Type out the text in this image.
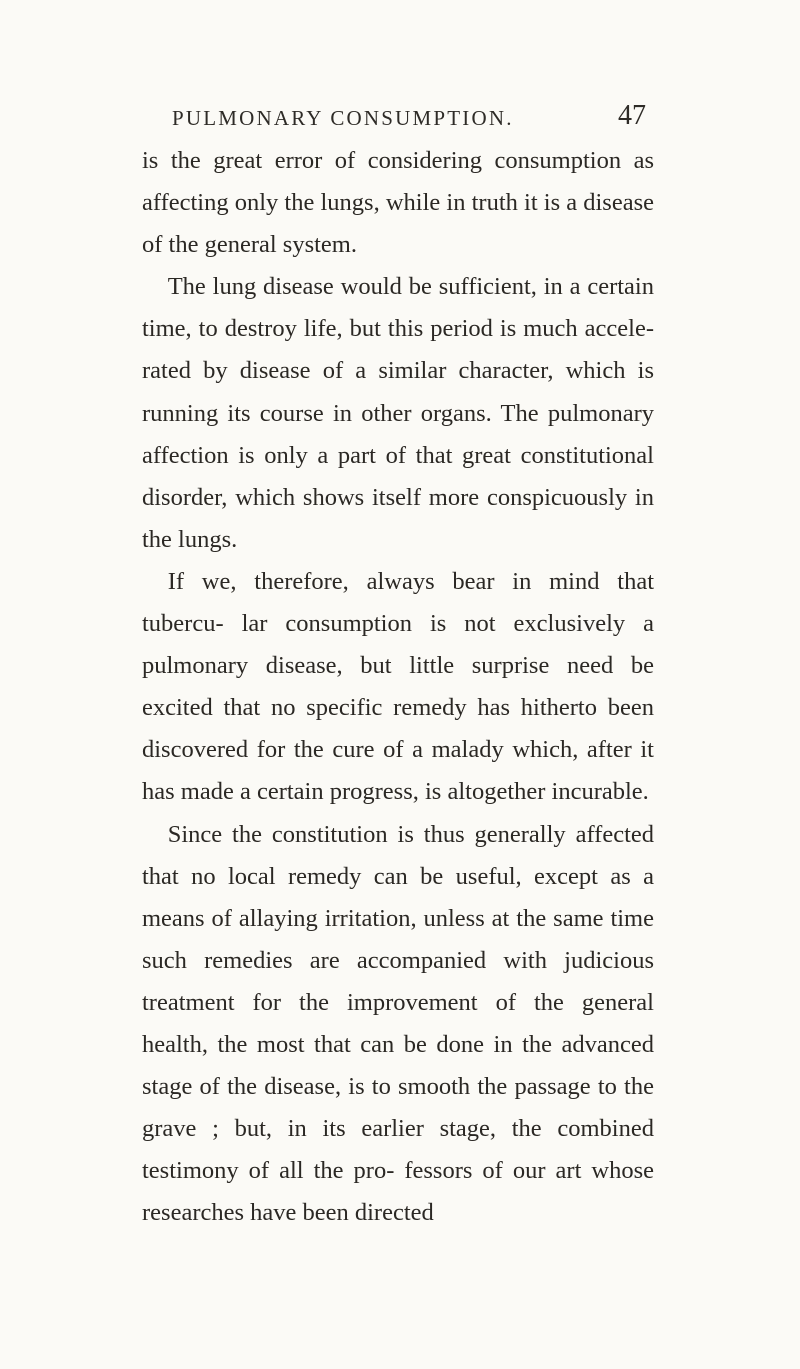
PULMONARY CONSUMPTION.	47

is the great error of considering consumption as affecting only the lungs, while in truth it is a disease of the general system.

The lung disease would be sufficient, in a certain time, to destroy life, but this period is much accele- rated by disease of a similar character, which is running its course in other organs. The pulmonary affection is only a part of that great constitutional disorder, which shows itself more conspicuously in the lungs.

If we, therefore, always bear in mind that tubercu- lar consumption is not exclusively a pulmonary disease, but little surprise need be excited that no specific remedy has hitherto been discovered for the cure of a malady which, after it has made a certain progress, is altogether incurable.

Since the constitution is thus generally affected that no local remedy can be useful, except as a means of allaying irritation, unless at the same time such remedies are accompanied with judicious treatment for the improvement of the general health, the most that can be done in the advanced stage of the disease, is to smooth the passage to the grave ; but, in its earlier stage, the combined testimony of all the pro- fessors of our art whose researches have been directed
